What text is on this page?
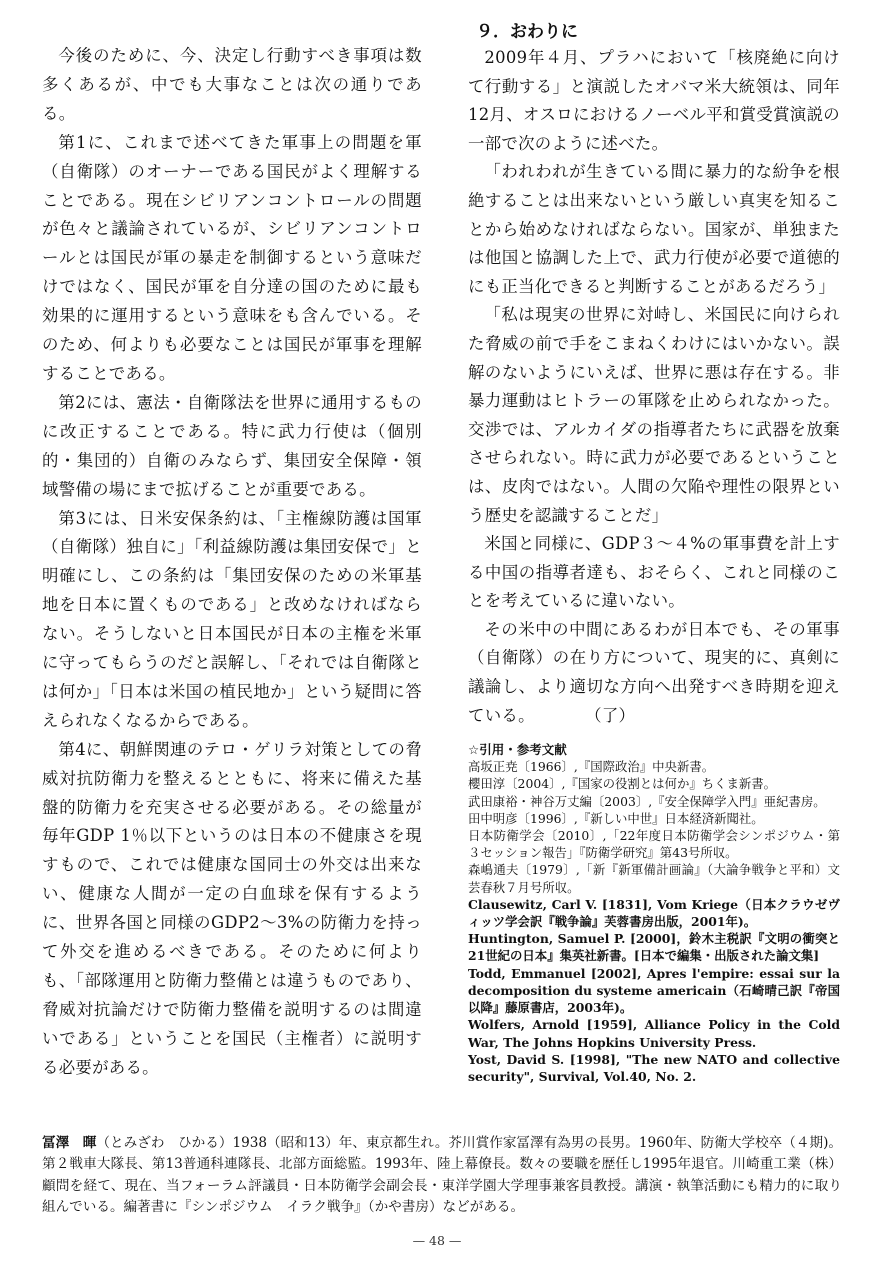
今後のために、今、決定し行動すべき事項は数多くあるが、中でも大事なことは次の通りである。

第1に、これまで述べてきた軍事上の問題を軍（自衛隊）のオーナーである国民がよく理解することである。現在シビリアンコントロールの問題が色々と議論されているが、シビリアンコントロールとは国民が軍の暴走を制御するという意味だけではなく、国民が軍を自分達の国のために最も効果的に運用するという意味をも含んでいる。そのため、何よりも必要なことは国民が軍事を理解することである。

第2には、憲法・自衛隊法を世界に通用するものに改正することである。特に武力行使は（個別的・集団的）自衛のみならず、集団安全保障・領域警備の場にまで拡げることが重要である。

第3には、日米安保条約は、「主権線防護は国軍（自衛隊）独自に」「利益線防護は集団安保で」と明確にし、この条約は「集団安保のための米軍基地を日本に置くものである」と改めなければならない。そうしないと日本国民が日本の主権を米軍に守ってもらうのだと誤解し、「それでは自衛隊とは何か」「日本は米国の植民地か」という疑問に答えられなくなるからである。

第4に、朝鮮関連のテロ・ゲリラ対策としての脅威対抗防衛力を整えるとともに、将来に備えた基盤的防衛力を充実させる必要がある。その総量が毎年GDP 1％以下というのは日本の不健康さを現すもので、これでは健康な国同士の外交は出来ない、健康な人間が一定の白血球を保有するように、世界各国と同様のGDP2〜3%の防衛力を持って外交を進めるべきである。そのために何よりも、「部隊運用と防衛力整備とは違うものであり、脅威対抗論だけで防衛力整備を説明するのは間違いである」ということを国民（主権者）に説明する必要がある。

９．おわりに

2009年４月、プラハにおいて「核廃絶に向けて行動する」と演説したオバマ米大統領は、同年12月、オスロにおけるノーベル平和賞受賞演説の一部で次のように述べた。

「われわれが生きている間に暴力的な紛争を根絶することは出来ないという厳しい真実を知ることから始めなければならない。国家が、単独または他国と協調した上で、武力行使が必要で道徳的にも正当化できると判断することがあるだろう」

「私は現実の世界に対峙し、米国民に向けられた脅威の前で手をこまねくわけにはいかない。誤解のないようにいえば、世界に悪は存在する。非暴力運動はヒトラーの軍隊を止められなかった。交渉では、アルカイダの指導者たちに武器を放棄させられない。時に武力が必要であるということは、皮肉ではない。人間の欠陥や理性の限界という歴史を認識することだ」

米国と同様に、GDP３〜４%の軍事費を計上する中国の指導者達も、おそらく、これと同様のことを考えているに違いない。

その米中の中間にあるわが日本でも、その軍事（自衛隊）の在り方について、現実的に、真剣に議論し、より適切な方向へ出発すべき時期を迎えている。　　　　（了）

☆引用・参考文献
高坂正尭〔1966〕,『国際政治』中央新書。
櫻田淳〔2004〕,『国家の役割とは何か』ちくま新書。
武田康裕・神谷万丈編〔2003〕,『安全保障学入門』亜紀書房。
田中明彦〔1996〕,『新しい中世』日本経済新聞社。
日本防衛学会〔2010〕,「22年度日本防衛学会シンポジウム・第３セッション報告」『防衛学研究』第43号所収。
森嶋通夫〔1979〕,「新『新軍備計画論』（大論争戦争と平和）文芸春秋７月号所収。
Clausewitz, Carl V. [1831], Vom Kriege（日本クラウゼヴィッツ学会訳『戦争論』芙蓉書房出版，2001年)。
Huntington, Samuel P. [2000]，鈴木主税訳『文明の衝突と21世紀の日本』集英社新書。[日本で編集・出版された論文集]
Todd, Emmanuel [2002], Apres l'empire: essai sur la decomposition du systeme americain（石崎晴己訳『帝国以降』藤原書店，2003年)。
Wolfers, Arnold [1959], Alliance Policy in the Cold War, The Johns Hopkins University Press.
Yost, David S. [1998], "The new NATO and collective security", Survival, Vol.40, No. 2.

冨澤　暉（とみざわ　ひかる）1938（昭和13）年、東京都生れ。芥川賞作家冨澤有為男の長男。1960年、防衛大学校卒（４期)。第２戦車大隊長、第13普通科連隊長、北部方面総監。1993年、陸上幕僚長。数々の要職を歴任し1995年退官。川崎重工業（株）顧問を経て、現在、当フォーラム評議員・日本防衛学会副会長・東洋学園大学理事兼客員教授。講演・執筆活動にも精力的に取り組んでいる。編著書に『シンポジウム　イラク戦争』（かや書房）などがある。

— 48 —
